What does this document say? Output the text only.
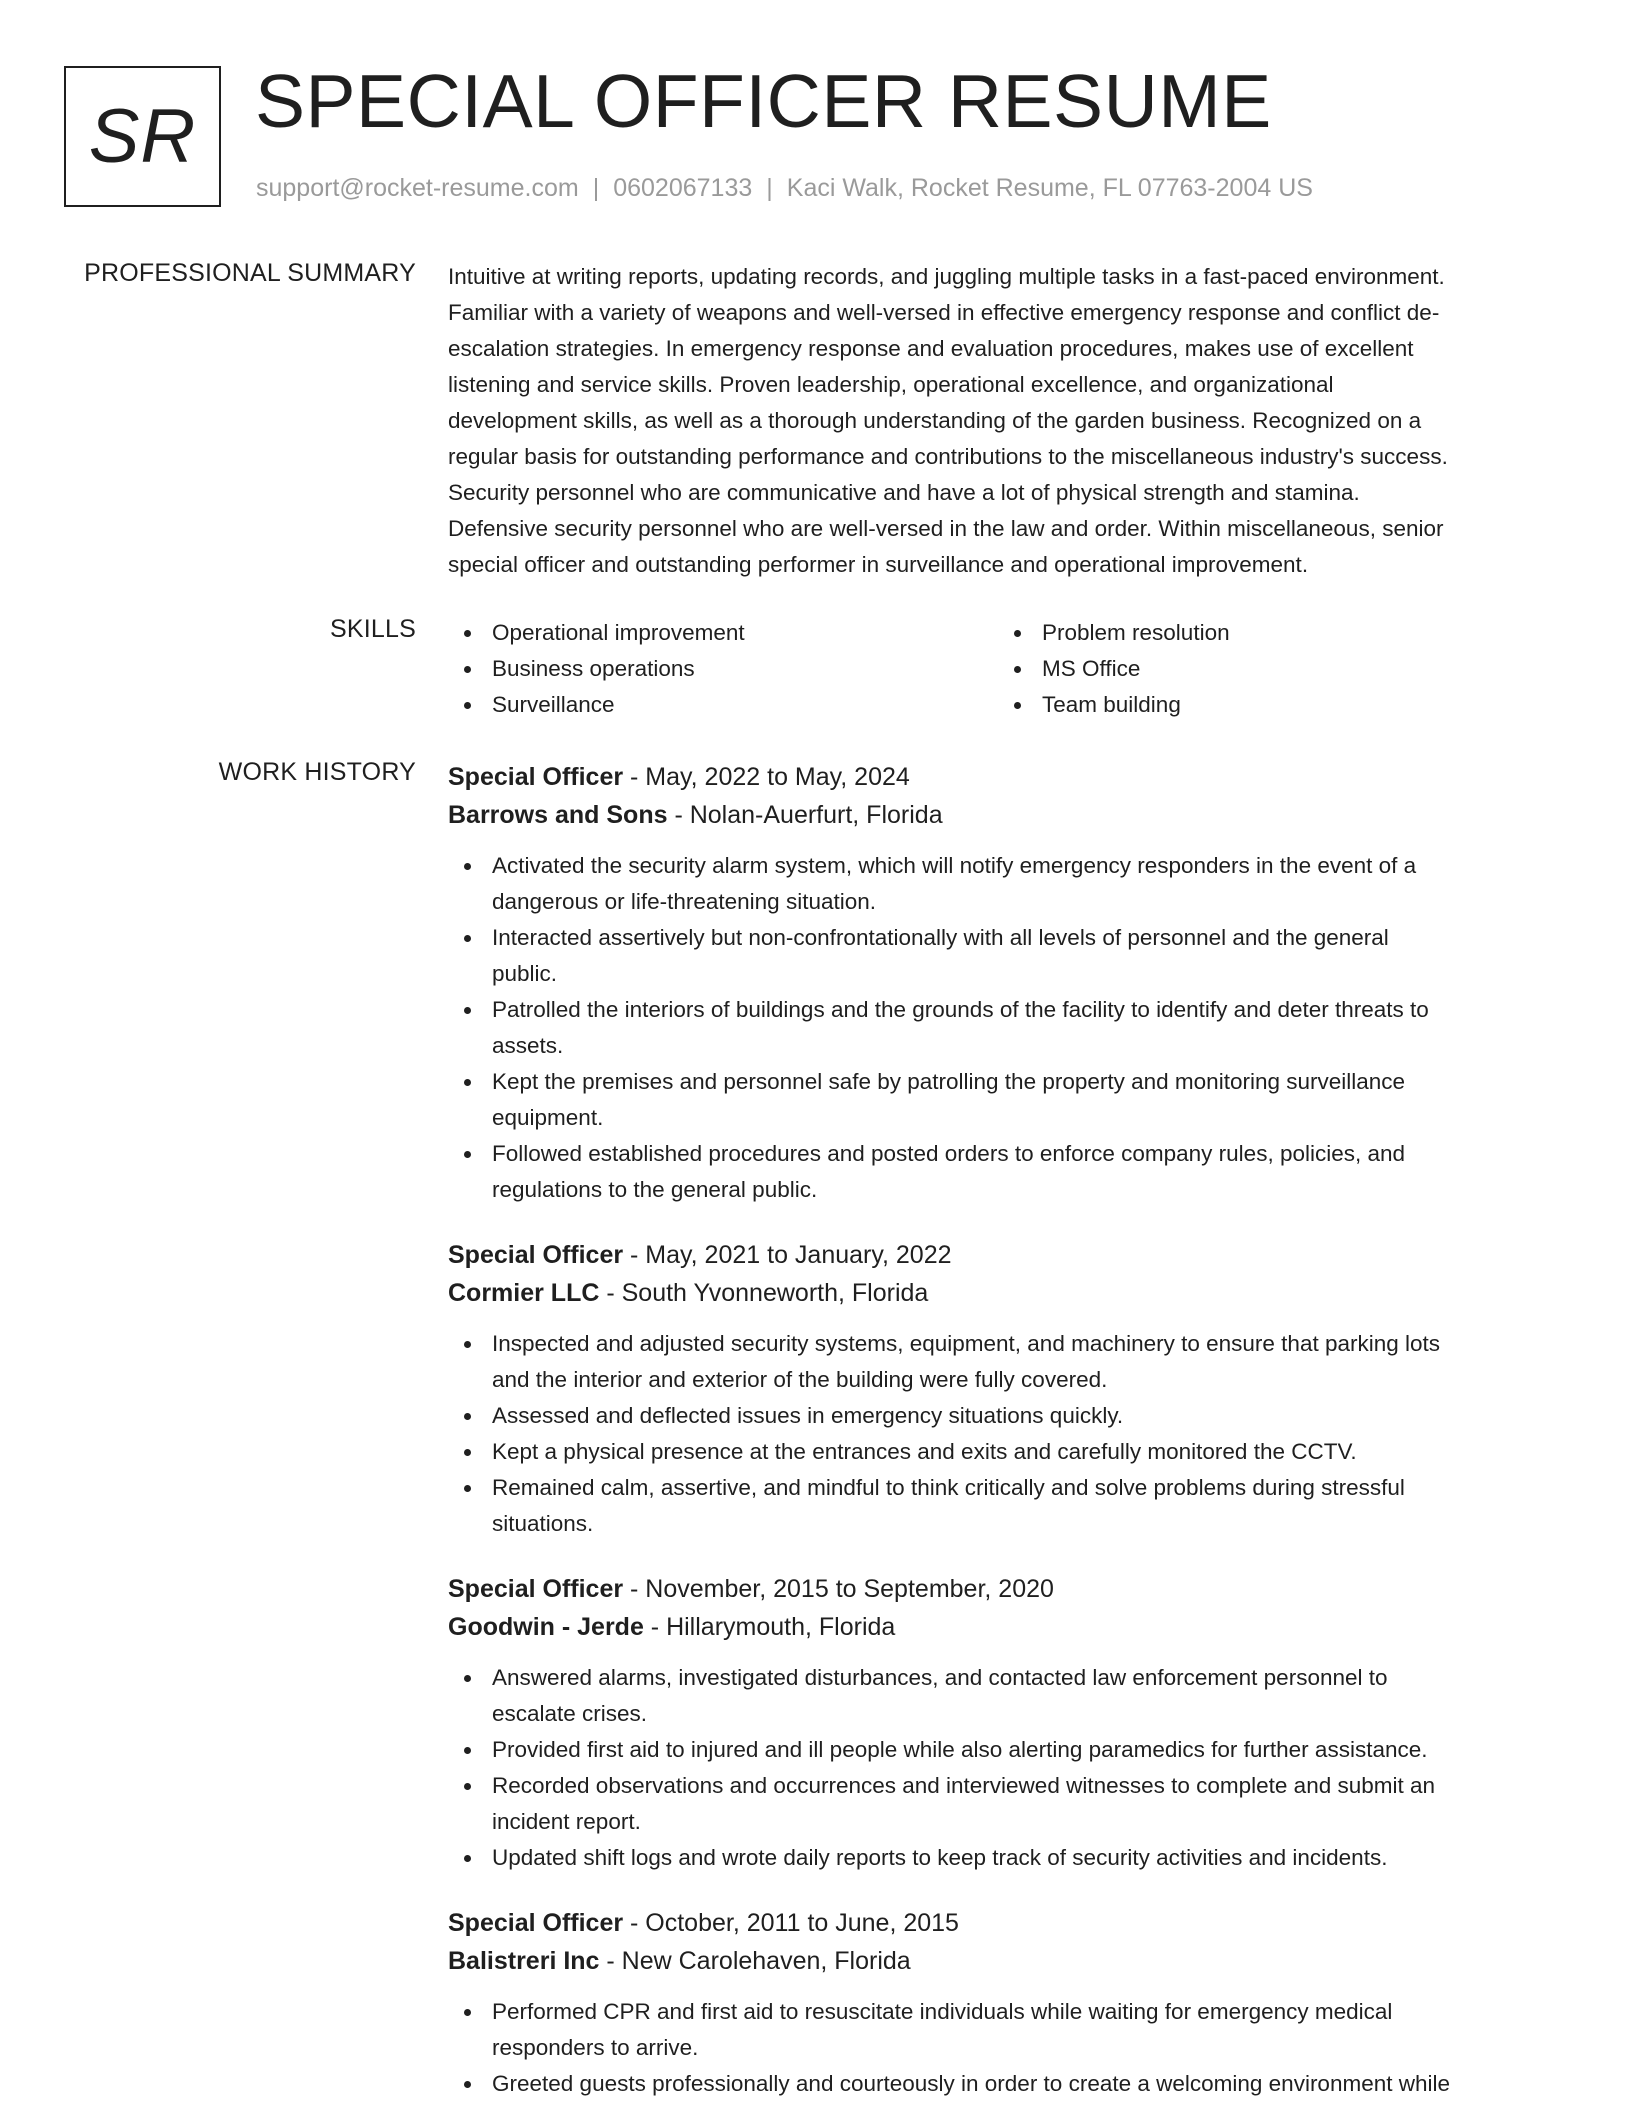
SR SPECIAL OFFICER RESUME
support@rocket-resume.com | 0602067133 | Kaci Walk, Rocket Resume, FL 07763-2004 US
PROFESSIONAL SUMMARY Intuitive at writing reports, updating records, and juggling multiple tasks in a fast-paced environment.
Familiar with a variety of weapons and well-versed in effective emergency response and conflict de-
escalation strategies. In emergency response and evaluation procedures, makes use of excellent
listening and service skills. Proven leadership, operational excellence, and organizational
development skills, as well as a thorough understanding of the garden business. Recognized on a
regular basis for outstanding performance and contributions to the miscellaneous industry's success.
Security personnel who are communicative and have a lot of physical strength and stamina.
Defensive security personnel who are well-versed in the law and order. Within miscellaneous, senior
special officer and outstanding performer in surveillance and operational improvement.

SKILLS	Operational improvement
Business operations
Surveillance
Problem resolution
MS Office
Team building
WORK HISTORY Special Officer - May, 2022 to May, 2024
Barrows and Sons - Nolan-Auerfurt, Florida
Activated the security alarm system, which will notify emergency responders in the event of a
dangerous or life-threatening situation.
Interacted assertively but non-confrontationally with all levels of personnel and the general
public.
Patrolled the interiors of buildings and the grounds of the facility to identify and deter threats to
assets.
Kept the premises and personnel safe by patrolling the property and monitoring surveillance
equipment.
Followed established procedures and posted orders to enforce company rules, policies, and
regulations to the general public.
Special Officer - May, 2021 to January, 2022
Cormier LLC - South Yvonneworth, Florida
Inspected and adjusted security systems, equipment, and machinery to ensure that parking lots
and the interior and exterior of the building were fully covered.
Assessed and deflected issues in emergency situations quickly.
Kept a physical presence at the entrances and exits and carefully monitored the CCTV.
Remained calm, assertive, and mindful to think critically and solve problems during stressful
situations.
Special Officer - November, 2015 to September, 2020
Goodwin - Jerde - Hillarymouth, Florida
Answered alarms, investigated disturbances, and contacted law enforcement personnel to
escalate crises.
Provided first aid to injured and ill people while also alerting paramedics for further assistance.
Recorded observations and occurrences and interviewed witnesses to complete and submit an
incident report.
Updated shift logs and wrote daily reports to keep track of security activities and incidents.
Special Officer - October, 2011 to June, 2015
Balistreri Inc - New Carolehaven, Florida
Performed CPR and first aid to resuscitate individuals while waiting for emergency medical
responders to arrive.
Greeted guests professionally and courteously in order to create a welcoming environment while
